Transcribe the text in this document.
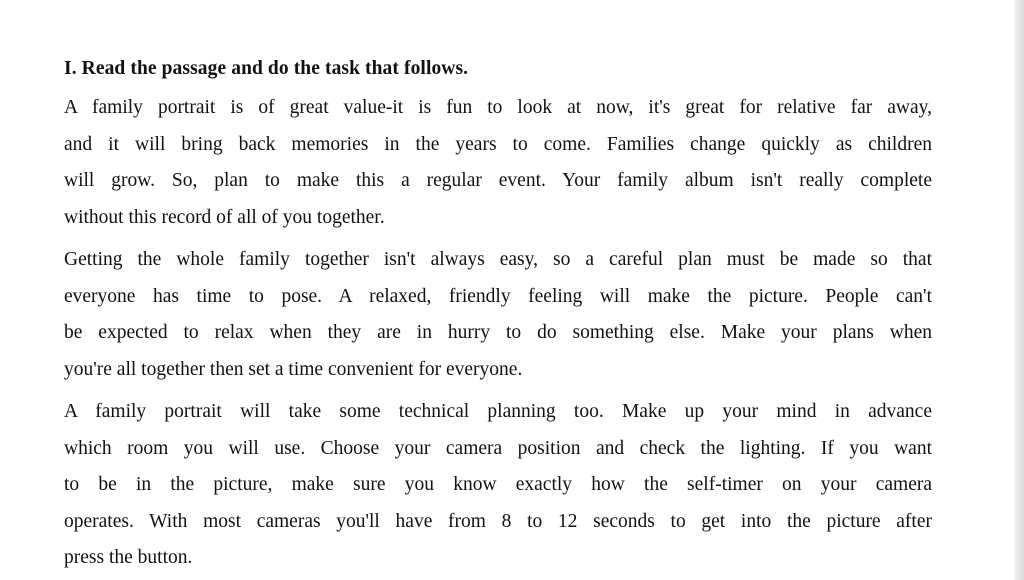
I. Read the passage and do the task that follows.
A family portrait is of great value-it is fun to look at now, it's great for relative far away,
and it will bring back memories in the years to come. Families change quickly as children
will grow. So, plan to make this a regular event. Your family album isn't really complete
without this record of all of you together.
Getting the whole family together isn't always easy, so a careful plan must be made so that
everyone has time to pose. A relaxed, friendly feeling will make the picture. People can't
be expected to relax when they are in hurry to do something else. Make your plans when
you're all together then set a time convenient for everyone.
A family portrait will take some technical planning too. Make up your mind in advance
which room you will use. Choose your camera position and check the lighting. If you want
to be in the picture, make sure you know exactly how the self-timer on your camera
operates. With most cameras you'll have from 8 to 12 seconds to get into the picture after
press the button.
